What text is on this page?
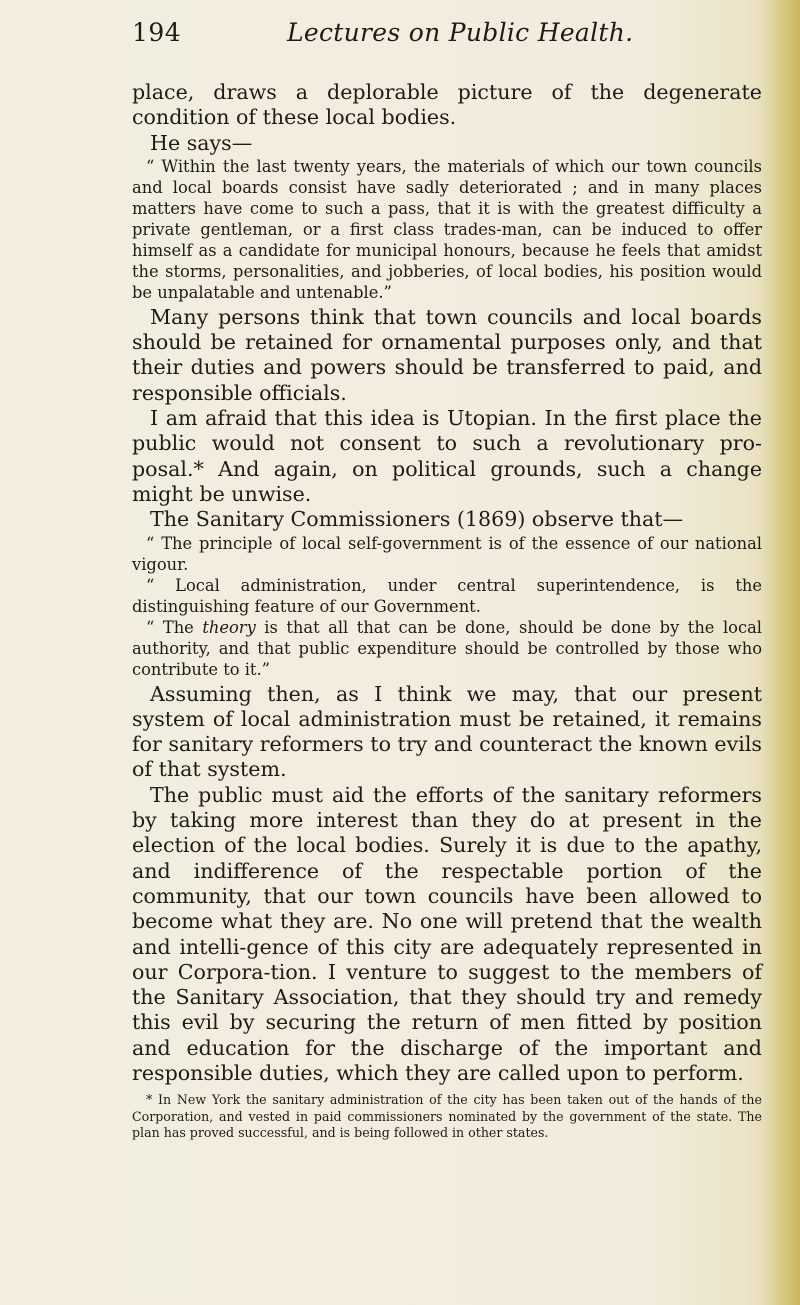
194	Lectures on Public Health.

place, draws a deplorable picture of the degenerate condition of these local bodies.

He says—

“ Within the last twenty years, the materials of which our town councils and local boards consist have sadly deteriorated ; and in many places matters have come to such a pass, that it is with the greatest difficulty a private gentleman, or a first class trades-man, can be induced to offer himself as a candidate for municipal honours, because he feels that amidst the storms, personalities, and jobberies, of local bodies, his position would be unpalatable and untenable.”

Many persons think that town councils and local boards should be retained for ornamental purposes only, and that their duties and powers should be transferred to paid, and responsible officials.

I am afraid that this idea is Utopian. In the first place the public would not consent to such a revolutionary pro-posal.* And again, on political grounds, such a change might be unwise.

The Sanitary Commissioners (1869) observe that—

“ The principle of local self-government is of the essence of our national vigour.

“ Local administration, under central superintendence, is the distinguishing feature of our Government.

“ The theory is that all that can be done, should be done by the local authority, and that public expenditure should be controlled by those who contribute to it.”

Assuming then, as I think we may, that our present system of local administration must be retained, it remains for sanitary reformers to try and counteract the known evils of that system.

The public must aid the efforts of the sanitary reformers by taking more interest than they do at present in the election of the local bodies. Surely it is due to the apathy, and indifference of the respectable portion of the community, that our town councils have been allowed to become what they are. No one will pretend that the wealth and intelli-gence of this city are adequately represented in our Corpora-tion. I venture to suggest to the members of the Sanitary Association, that they should try and remedy this evil by securing the return of men fitted by position and education for the discharge of the important and responsible duties, which they are called upon to perform.

* In New York the sanitary administration of the city has been taken out of the hands of the Corporation, and vested in paid commissioners nominated by the government of the state. The plan has proved successful, and is being followed in other states.
